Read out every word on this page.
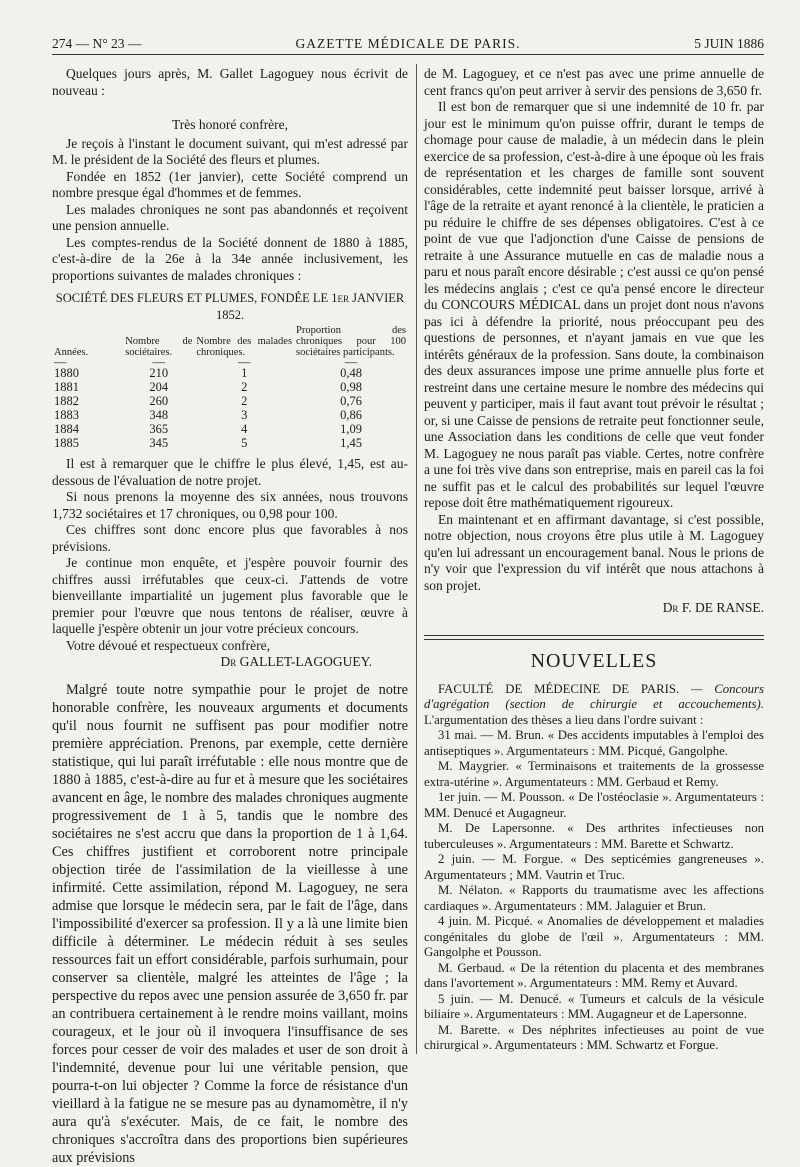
274 — N° 23 —	GAZETTE MÉDICALE DE PARIS.	5 JUIN 1886

Quelques jours après, M. Gallet Lagoguey nous écrivit de nouveau :

Très honoré confrère,

Je reçois à l'instant le document suivant, qui m'est adressé par M. le président de la Société des fleurs et plumes.

Fondée en 1852 (1er janvier), cette Société comprend un nombre presque égal d'hommes et de femmes.

Les malades chroniques ne sont pas abandonnés et reçoivent une pension annuelle.

Les comptes-rendus de la Société donnent de 1880 à 1885, c'est-à-dire de la 26e à la 34e année inclusivement, les proportions suivantes de malades chroniques :

SOCIÉTÉ DES FLEURS ET PLUMES, FONDÉE LE 1er JANVIER 1852.

Années.	Nombre de sociétaires.	Nombre des malades chroniques.	Proportion des chroniques pour 100 sociétaires participants.
—	—	—	—
1880	210	1	0,48
1881	204	2	0,98
1882	260	2	0,76
1883	348	3	0,86
1884	365	4	1,09
1885	345	5	1,45

Il est à remarquer que le chiffre le plus élevé, 1,45, est au-dessous de l'évaluation de notre projet.

Si nous prenons la moyenne des six années, nous trouvons 1,732 sociétaires et 17 chroniques, ou 0,98 pour 100.

Ces chiffres sont donc encore plus que favorables à nos prévisions.

Je continue mon enquête, et j'espère pouvoir fournir des chiffres aussi irréfutables que ceux-ci. J'attends de votre bienveillante impartialité un jugement plus favorable que le premier pour l'œuvre que nous tentons de réaliser, œuvre à laquelle j'espère obtenir un jour votre précieux concours.

Votre dévoué et respectueux confrère,

Dr GALLET-LAGOGUEY.

Malgré toute notre sympathie pour le projet de notre honorable confrère, les nouveaux arguments et documents qu'il nous fournit ne suffisent pas pour modifier notre première appréciation. Prenons, par exemple, cette dernière statistique, qui lui paraît irréfutable : elle nous montre que de 1880 à 1885, c'est-à-dire au fur et à mesure que les sociétaires avancent en âge, le nombre des malades chroniques augmente progressivement de 1 à 5, tandis que le nombre des sociétaires ne s'est accru que dans la proportion de 1 à 1,64. Ces chiffres justifient et corroborent notre principale objection tirée de l'assimilation de la vieillesse à une infirmité. Cette assimilation, répond M. Lagoguey, ne sera admise que lorsque le médecin sera, par le fait de l'âge, dans l'impossibilité d'exercer sa profession. Il y a là une limite bien difficile à déterminer. Le médecin réduit à ses seules ressources fait un effort considérable, parfois surhumain, pour conserver sa clientèle, malgré les atteintes de l'âge ; la perspective du repos avec une pension assurée de 3,650 fr. par an contribuera certainement à le rendre moins vaillant, moins courageux, et le jour où il invoquera l'insuffisance de ses forces pour cesser de voir des malades et user de son droit à l'indemnité, devenue pour lui une véritable pension, que pourra-t-on lui objecter ? Comme la force de résistance d'un vieillard à la fatigue ne se mesure pas au dynamomètre, il n'y aura qu'à s'exécuter. Mais, de ce fait, le nombre des chroniques s'accroîtra dans des proportions bien supérieures aux prévisions

de M. Lagoguey, et ce n'est pas avec une prime annuelle de cent francs qu'on peut arriver à servir des pensions de 3,650 fr.

Il est bon de remarquer que si une indemnité de 10 fr. par jour est le minimum qu'on puisse offrir, durant le temps de chomage pour cause de maladie, à un médecin dans le plein exercice de sa profession, c'est-à-dire à une époque où les frais de représentation et les charges de famille sont souvent considérables, cette indemnité peut baisser lorsque, arrivé à l'âge de la retraite et ayant renoncé à la clientèle, le praticien a pu réduire le chiffre de ses dépenses obligatoires. C'est à ce point de vue que l'adjonction d'une Caisse de pensions de retraite à une Assurance mutuelle en cas de maladie nous a paru et nous paraît encore désirable ; c'est aussi ce qu'on pensé les médecins anglais ; c'est ce qu'a pensé encore le directeur du CONCOURS MÉDICAL dans un projet dont nous n'avons pas ici à défendre la priorité, nous préoccupant peu des questions de personnes, et n'ayant jamais en vue que les intérêts généraux de la profession. Sans doute, la combinaison des deux assurances impose une prime annuelle plus forte et restreint dans une certaine mesure le nombre des médecins qui peuvent y participer, mais il faut avant tout prévoir le résultat ; or, si une Caisse de pensions de retraite peut fonctionner seule, une Association dans les conditions de celle que veut fonder M. Lagoguey ne nous paraît pas viable. Certes, notre confrère a une foi très vive dans son entreprise, mais en pareil cas la foi ne suffit pas et le calcul des probabilités sur lequel l'œuvre repose doit être mathématiquement rigoureux.

En maintenant et en affirmant davantage, si c'est possible, notre objection, nous croyons être plus utile à M. Lagoguey qu'en lui adressant un encouragement banal. Nous le prions de n'y voir que l'expression du vif intérêt que nous attachons à son projet.

Dr F. DE RANSE.

NOUVELLES

FACULTÉ DE MÉDECINE DE PARIS. — Concours d'agrégation (section de chirurgie et accouchements). L'argumentation des thèses a lieu dans l'ordre suivant :

31 mai. — M. Brun. « Des accidents imputables à l'emploi des antiseptiques ». Argumentateurs : MM. Picqué, Gangolphe.

M. Maygrier. « Terminaisons et traitements de la grossesse extra-utérine ». Argumentateurs : MM. Gerbaud et Remy.

1er juin. — M. Pousson. « De l'ostéoclasie ». Argumentateurs : MM. Denucé et Augagneur.

M. De Lapersonne. « Des arthrites infectieuses non tuberculeuses ». Argumentateurs : MM. Barette et Schwartz.

2 juin. — M. Forgue. « Des septicémies gangreneuses ». Argumentateurs ; MM. Vautrin et Truc.

M. Nélaton. « Rapports du traumatisme avec les affections cardiaques ». Argumentateurs : MM. Jalaguier et Brun.

4 juin. M. Picqué. « Anomalies de développement et maladies congénitales du globe de l'œil ». Argumentateurs : MM. Gangolphe et Pousson.

M. Gerbaud. « De la rétention du placenta et des membranes dans l'avortement ». Argumentateurs : MM. Remy et Auvard.

5 juin. — M. Denucé. « Tumeurs et calculs de la vésicule biliaire ». Argumentateurs : MM. Augagneur et de Lapersonne.

M. Barette. « Des néphrites infectieuses au point de vue chirurgical ». Argumentateurs : MM. Schwartz et Forgue.
